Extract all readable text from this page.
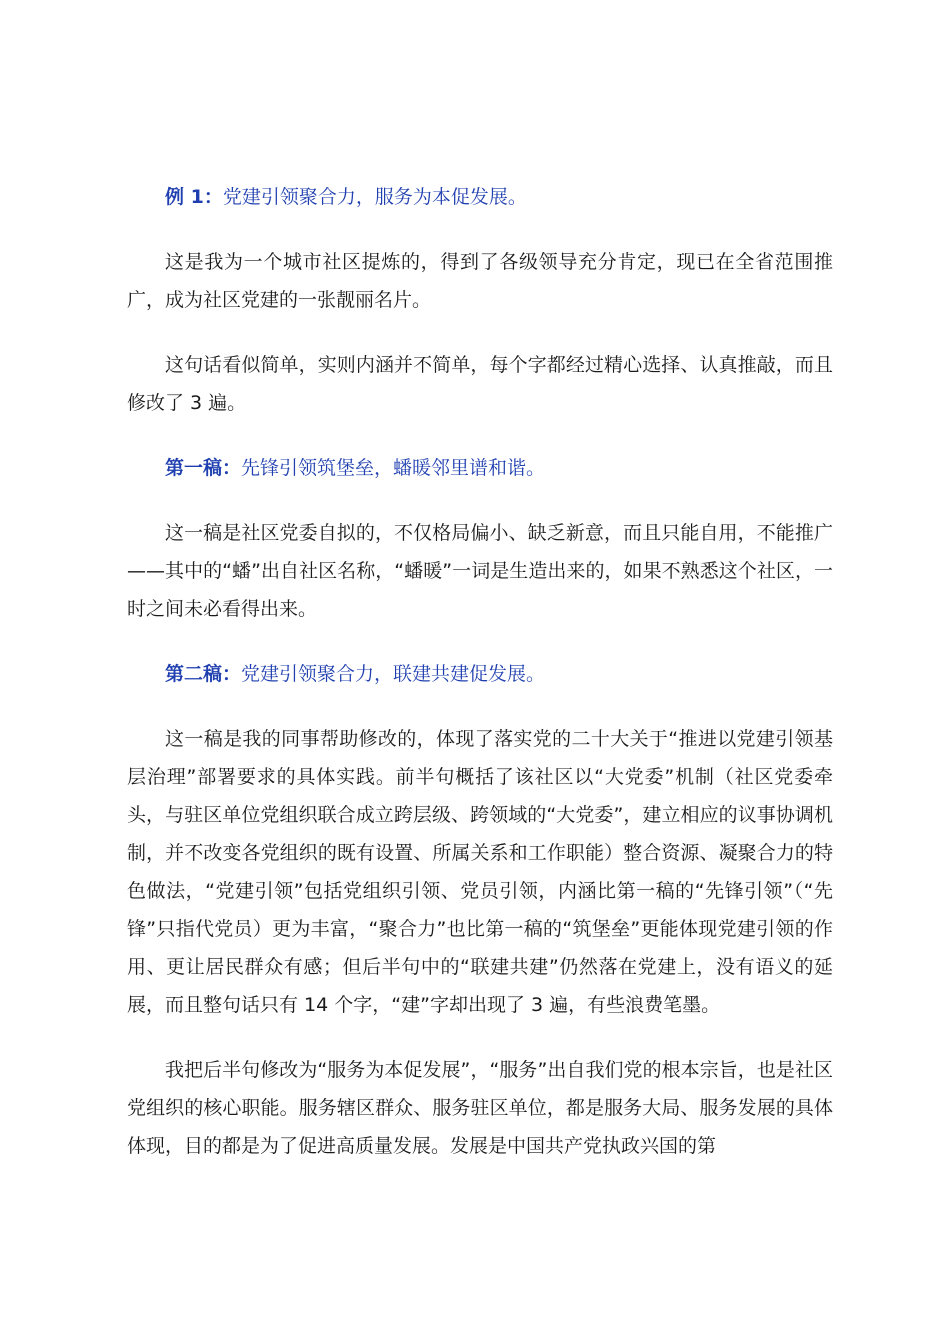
例 1：党建引领聚合力，服务为本促发展。

这是我为一个城市社区提炼的，得到了各级领导充分肯定，现已在全省范围推广，成为社区党建的一张靓丽名片。

这句话看似简单，实则内涵并不简单，每个字都经过精心选择、认真推敲，而且修改了 3 遍。

第一稿：先锋引领筑堡垒，蟠暖邻里谱和谐。

这一稿是社区党委自拟的，不仅格局偏小、缺乏新意，而且只能自用，不能推广——其中的“蟠”出自社区名称，“蟠暖”一词是生造出来的，如果不熟悉这个社区，一时之间未必看得出来。

第二稿：党建引领聚合力，联建共建促发展。

这一稿是我的同事帮助修改的，体现了落实党的二十大关于“推进以党建引领基层治理”部署要求的具体实践。前半句概括了该社区以“大党委”机制（社区党委牵头，与驻区单位党组织联合成立跨层级、跨领域的“大党委”，建立相应的议事协调机制，并不改变各党组织的既有设置、所属关系和工作职能）整合资源、凝聚合力的特色做法，“党建引领”包括党组织引领、党员引领，内涵比第一稿的“先锋引领”（“先锋”只指代党员）更为丰富，“聚合力”也比第一稿的“筑堡垒”更能体现党建引领的作用、更让居民群众有感；但后半句中的“联建共建”仍然落在党建上，没有语义的延展，而且整句话只有 14 个字，“建”字却出现了 3 遍，有些浪费笔墨。

我把后半句修改为“服务为本促发展”，“服务”出自我们党的根本宗旨，也是社区党组织的核心职能。服务辖区群众、服务驻区单位，都是服务大局、服务发展的具体体现，目的都是为了促进高质量发展。发展是中国共产党执政兴国的第
